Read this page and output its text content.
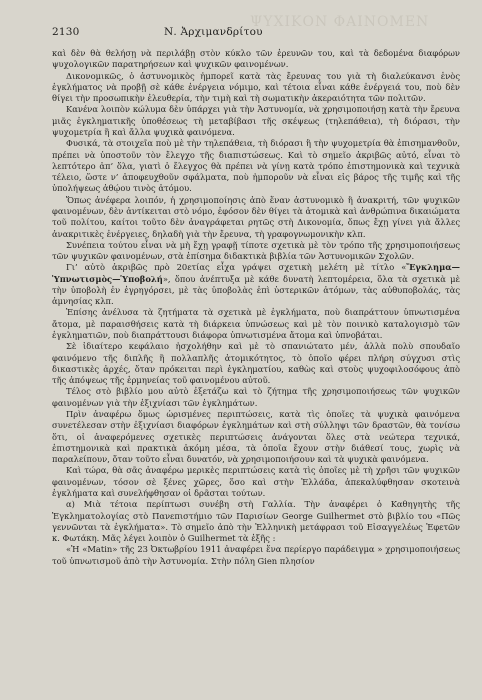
ΨΥΧΙΚΟΝ ΦΑΙΝΟΜΕΝ
2130	Ν. Ἀρχιμανδρίτου

καὶ δὲν θὰ θελήσῃ νὰ περιλάβῃ στὸν κύκλο τῶν ἐρευνῶν του, καὶ τὰ δεδομένα διαφόρων ψυχολογικῶν παρατηρήσεων καὶ ψυχικῶν φαινομένων.

Δικονομικῶς, ὁ ἀστυνομικὸς ἠμπορεῖ κατὰ τὰς ἔρευνας του γιὰ τὴ διαλεύκανσι ἑνὸς ἐγκλήματος νὰ προβῇ σὲ κάθε ἐνέργεια νόμιμο, καὶ τέτοια εἶναι κάθε ἐνέργειά του, ποὺ δὲν θίγει τὴν προσωπικὴν ἐλευθερία, τὴν τιμὴ καὶ τὴ σωματικὴν ἀκεραιότητα τῶν πολιτῶν.

Κανένα λοιπὸν κώλυμα δὲν ὑπάρχει γιὰ τὴν Ἀστυνομία, νὰ χρησιμοποιήσῃ κατὰ τὴν ἔρευνα μιᾶς ἐγκληματικῆς ὑποθέσεως τὴ μεταβίβασι τῆς σκέψεως (τηλεπάθεια), τὴ διόρασι, τὴν ψυχομετρία ἢ καὶ ἄλλα ψυχικὰ φαινόμενα.

Φυσικά, τὰ στοιχεῖα ποὺ μὲ τὴν τηλεπάθεια, τὴ διόρασι ἢ τὴν ψυχομετρία θὰ ἐπισημανθοῦν, πρέπει νὰ ὑποστοῦν τὸν ἔλεγχο τῆς διαπιστώσεως. Καὶ τὸ σημεῖο ἀκριβῶς αὐτό, εἶναι τὸ λεπτότερο ἀπ’ ὅλα, γιατὶ ὁ ἔλεγχος θὰ πρέπει νὰ γίνῃ κατὰ τρόπο ἐπιστημονικὰ καὶ τεχνικὰ τέλειο, ὥστε ν’ ἀποφευχθοῦν σφάλματα, ποὺ ἠμποροῦν νὰ εἶναι εἰς βάρος τῆς τιμῆς καὶ τῆς ὑπολήψεως ἀθῴου τινὸς ἀτόμου.

Ὅπως ἀνέφερα λοιπόν, ἡ χρησιμοποίησις ἀπὸ ἕναν ἀστυνομικὸ ἢ ἀνακριτή, τῶν ψυχικῶν φαινομένων, δὲν ἀντίκειται στὸ νόμο, ἐφόσον δὲν θίγει τὰ ἀτομικὰ καὶ ἀνθρώπινα δικαιώματα τοῦ πολίτου, καίτοι τοῦτο δὲν ἀναγράφεται ρητῶς στὴ Δικονομία, ὅπως ἔχῃ γίνει γιὰ ἄλλες ἀνακριτικὲς ἐνέργειες, δηλαδὴ γιὰ τὴν ἔρευνα, τὴ γραφογνωμονικὴν κλπ.

Συνέπεια τούτου εἶναι νὰ μὴ ἔχῃ γραφῇ τίποτε σχετικὰ μὲ τὸν τρόπο τῆς χρησιμοποιήσεως τῶν ψυχικῶν φαινομένων, στὰ ἐπίσημα διδακτικὰ βιβλία τῶν Ἀστυνομικῶν Σχολῶν.

Γι’ αὐτὸ ἀκριβῶς πρὸ 20ετίας εἶχα γράψει σχετικὴ μελέτη μὲ τίτλο «Ἔγκλημα—Ὑπνωτισμὸς—Ὑποβολή», ὅπου ἀνέπτυξα μὲ κάθε δυνατὴ λεπτομέρεια, ὅλα τὰ σχετικὰ μὲ τὴν ὑποβολὴ ἐν ἐγρηγόρσει, μὲ τὰς ὑποβολὰς ἐπὶ ὑστερικῶν ἀτόμων, τὰς αὐθυποβολάς, τὰς ἀμνησίας κλπ.

Ἐπίσης ἀνέλυσα τὰ ζητήματα τὰ σχετικὰ μὲ ἐγκλήματα, ποὺ διαπράττουν ὑπνωτισμένα ἄτομα, μὲ παραισθήσεις κατὰ τὴ διάρκεια ὑπνώσεως καὶ μὲ τὸν ποινικὸ καταλογισμὸ τῶν ἐγκληματιῶν, ποὺ διαπράττουσι διάφορα ὑπνωτισμένα ἄτομα καὶ ὑπνοβάται.

Σὲ ἰδιαίτερο κεφάλαιο ἠσχολήθην καὶ μὲ τὸ σπανιώτατο μέν, ἀλλὰ πολὺ σπουδαῖο φαινόμενο τῆς διπλῆς ἢ πολλαπλῆς ἀτομικότητος, τὸ ὁποῖο φέρει πλήρη σύγχυσι στὶς δικαστικὲς ἀρχές, ὅταν πρόκειται περὶ ἐγκληματίου, καθὼς καὶ στοὺς ψυχοφιλοσόφους ἀπὸ τῆς ἀπόψεως τῆς ἑρμηνείας τοῦ φαινομένου αὐτοῦ.

Τέλος στὸ βιβλίο μου αὐτὸ ἐξετάζω καὶ τὸ ζήτημα τῆς χρησιμοποιήσεως τῶν ψυχικῶν φαινομένων γιὰ τὴν ἐξιχνίασι τῶν ἐγκλημάτων.

Πρὶν ἀναφέρω ὅμως ὡρισμένες περιπτώσεις, κατὰ τὶς ὁποῖες τὰ ψυχικὰ φαινόμενα συνετέλεσαν στὴν ἐξιχνίασι διαφόρων ἐγκλημάτων καὶ στὴ σύλληψι τῶν δραστῶν, θὰ τονίσω ὅτι, οἱ ἀναφερόμενες σχετικὲς περιπτώσεις ἀνάγονται ὅλες στὰ νεώτερα τεχνικά, ἐπιστημονικὰ καὶ πρακτικὰ ἀκόμη μέσα, τὰ ὁποῖα ἔχουν στὴν διάθεσί τους, χωρὶς νὰ παραλείπουν, ὅταν τοῦτο εἶναι δυνατόν, νὰ χρησιμοποιήσουν καὶ τὰ ψυχικὰ φαινόμενα.

Καὶ τώρα, θὰ σᾶς ἀναφέρω μερικὲς περιπτώσεις κατὰ τὶς ὁποῖες μὲ τὴ χρῆσι τῶν ψυχικῶν φαινομένων, τόσον σὲ ξένες χῶρες, ὅσο καὶ στὴν Ἑλλάδα, ἀπεκαλύφθησαν σκοτεινὰ ἐγκλήματα καὶ συνελήφθησαν οἱ δρᾶσται τούτων.

α) Μιὰ τέτοια περίπτωσι συνέβη στὴ Γαλλία. Τὴν ἀναφέρει ὁ Καθηγητὴς τῆς Ἐγκληματολογίας στὸ Πανεπιστήμιο τῶν Παρισίων George Guilhermet στὸ βιβλίο του «Πῶς γεννῶνται τὰ ἐγκλήματα». Τὸ σημεῖο ἀπὸ τὴν Ἑλληνικὴ μετάφρασι τοῦ Εἰσαγγελέως Ἐφετῶν κ. Φωτάκη. Μᾶς λέγει λοιπὸν ὁ Guilhermet τὰ ἑξῆς :

«Ἡ «Matin» τῆς 23 Ὀκτωβρίου 1911 ἀναφέρει ἕνα περίεργο παράδειγμα » χρησιμοποιήσεως τοῦ ὑπνωτισμοῦ ἀπὸ τὴν Ἀστυνομία. Στὴν πόλη Gien πλησίον
